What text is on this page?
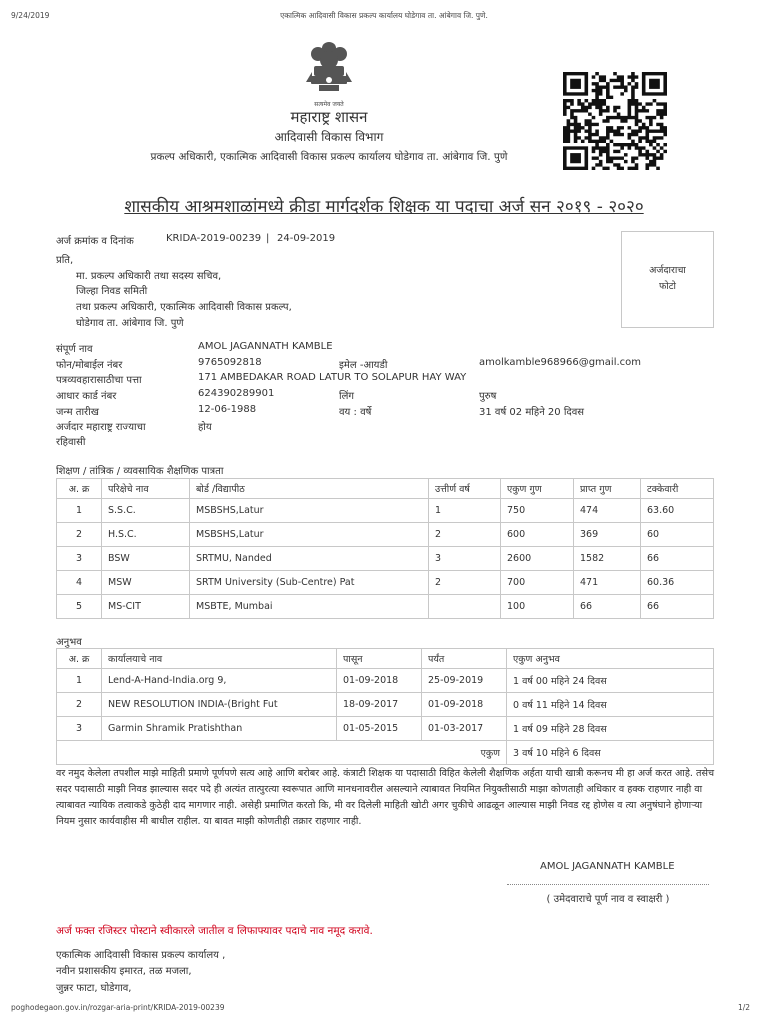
9/24/2019	एकात्मिक आदिवासी विकास प्रकल्प कार्यालय घोडेगाव ता. आंबेगाव जि. पुणे.
सत्यमेव जयते
महाराष्ट्र शासन
आदिवासी विकास विभाग
प्रकल्प अधिकारी, एकात्मिक आदिवासी विकास प्रकल्प कार्यालय घोडेगाव ता. आंबेगाव जि. पुणे
शासकीय आश्रमशाळांमध्ये क्रीडा मार्गदर्शक शिक्षक या पदाचा अर्ज सन २०१९ - २०२०
अर्ज क्रमांक व दिनांक	KRIDA-2019-00239 | 24-09-2019
प्रति,
मा. प्रकल्प अधिकारी तथा सदस्य सचिव,
जिल्हा निवड समिती
तथा प्रकल्प अधिकारी, एकात्मिक आदिवासी विकास प्रकल्प,
घोडेगाव ता. आंबेगाव जि. पुणे
अर्जदाराचा
फोटो
संपूर्ण नाव	AMOL JAGANNATH KAMBLE
फोन/मोबाईल नंबर	9765092818	इमेल -आयडी	amolkamble968966@gmail.com
पत्रव्यवहारासाठीचा पत्ता	171 AMBEDAKAR ROAD LATUR TO SOLAPUR HAY WAY
आधार कार्ड नंबर	624390289901	लिंग	पुरुष
जन्म तारीख	12-06-1988	वय : वर्षे	31 वर्ष 02 महिने 20 दिवस
अर्जदार महाराष्ट्र राज्याचा
रहिवासी
होय
शिक्षण / तांत्रिक / व्यवसायिक शैक्षणिक पात्रता
अ. क्र	परिक्षेचे नाव	बोर्ड /विद्यापीठ	उत्तीर्ण वर्ष	एकुण गुण	प्राप्त गुण	टक्केवारी
1	S.S.C.	MSBSHS,Latur	1	750	474	63.60
2	H.S.C.	MSBSHS,Latur	2	600	369	60
3	BSW	SRTMU, Nanded	3	2600	1582	66
4	MSW	SRTM University (Sub-Centre) Pat	2	700	471	60.36
5	MS-CIT	MSBTE, Mumbai		100	66	66
अनुभव
अ. क्र	कार्यालयाचे नाव	पासून	पर्यंत	एकुण अनुभव
1	Lend-A-Hand-India.org 9,	01-09-2018	25-09-2019	1 वर्ष 00 महिने 24 दिवस
2	NEW RESOLUTION INDIA-(Bright Fut	18-09-2017	01-09-2018	0 वर्ष 11 महिने 14 दिवस
3	Garmin Shramik Pratishthan	01-05-2015	01-03-2017	1 वर्ष 09 महिने 28 दिवस
एकुण				3 वर्ष 10 महिने 6 दिवस
वर नमुद केलेला तपशील माझे माहिती प्रमाणे पूर्णपणे सत्य आहे आणि बरोबर आहे. कंत्राटी शिक्षक या पदासाठी विहित केलेली शैक्षणिक अर्हता याची खात्री करूनच मी हा अर्ज करत आहे. तसेच सदर पदासाठी माझी निवड झाल्यास सदर पदे ही अत्यंत तात्पुरत्या स्वरूपात आणि मानधनावरील असल्याने त्याबावत नियमित नियुक्तीसाठी माझा कोणताही अधिकार व हक्क राहणार नाही वा त्याबावत न्यायिक तत्वाकडे कुठेही दाद मागणार नाही. असेही प्रमाणित करतो कि, मी वर दिलेली माहिती खोटी अगर चुकीचे आढळून आल्यास माझी निवड रद्द होणेस व त्या अनुषंघाने होणाऱ्या नियम नुसार कार्यवाहीस मी बाधील राहील. या बावत माझी कोणतीही तक्रार राहणार नाही.
AMOL JAGANNATH KAMBLE
( उमेदवाराचे पूर्ण नाव व स्वाक्षरी )
अर्ज फक्त रजिस्टर पोस्टाने स्वीकारले जातील व लिफाफ्यावर पदाचे नाव नमूद करावे.
एकात्मिक आदिवासी विकास प्रकल्प कार्यालय ,
नवीन प्रशासकीय इमारत, तळ मजला,
जुन्नर फाटा, घोडेगाव,
poghodegaon.gov.in/rozgar-aria-print/KRIDA-2019-00239	1/2
